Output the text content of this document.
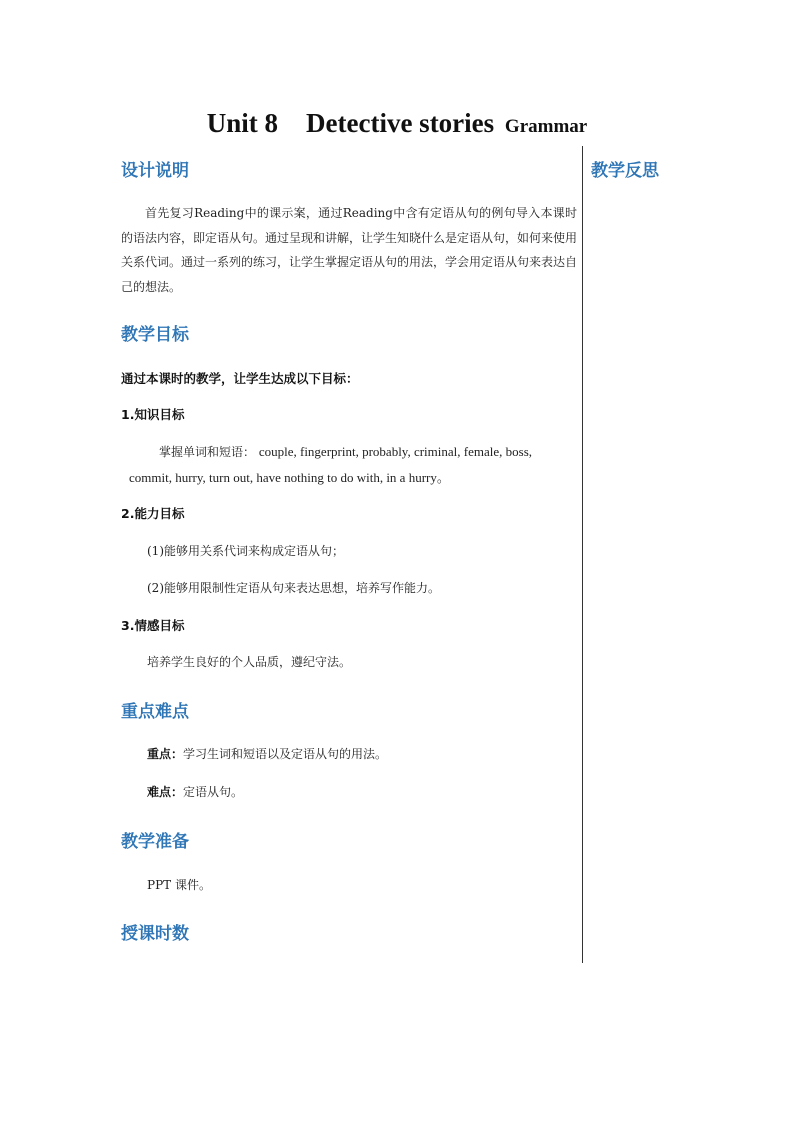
Unit 8 Detective stories Grammar
教学反思
设计说明
首先复习Reading中的课示案，通过Reading中含有定语从句的例句导入本课时的语法内容，即定语从句。通过呈现和讲解，让学生知晓什么是定语从句，如何来使用关系代词。通过一系列的练习，让学生掌握定语从句的用法，学会用定语从句来表达自己的想法。
教学目标
通过本课时的教学，让学生达成以下目标：
1.知识目标
掌握单词和短语： couple, fingerprint, probably, criminal, female, boss,
commit, hurry, turn out, have nothing to do with, in a hurry。
2.能力目标
(1)能够用关系代词来构成定语从句；
(2)能够用限制性定语从句来表达思想，培养写作能力。
3.情感目标
培养学生良好的个人品质，遵纪守法。
重点难点
重点：学习生词和短语以及定语从句的用法。
难点：定语从句。
教学准备
PPT 课件。
授课时数
